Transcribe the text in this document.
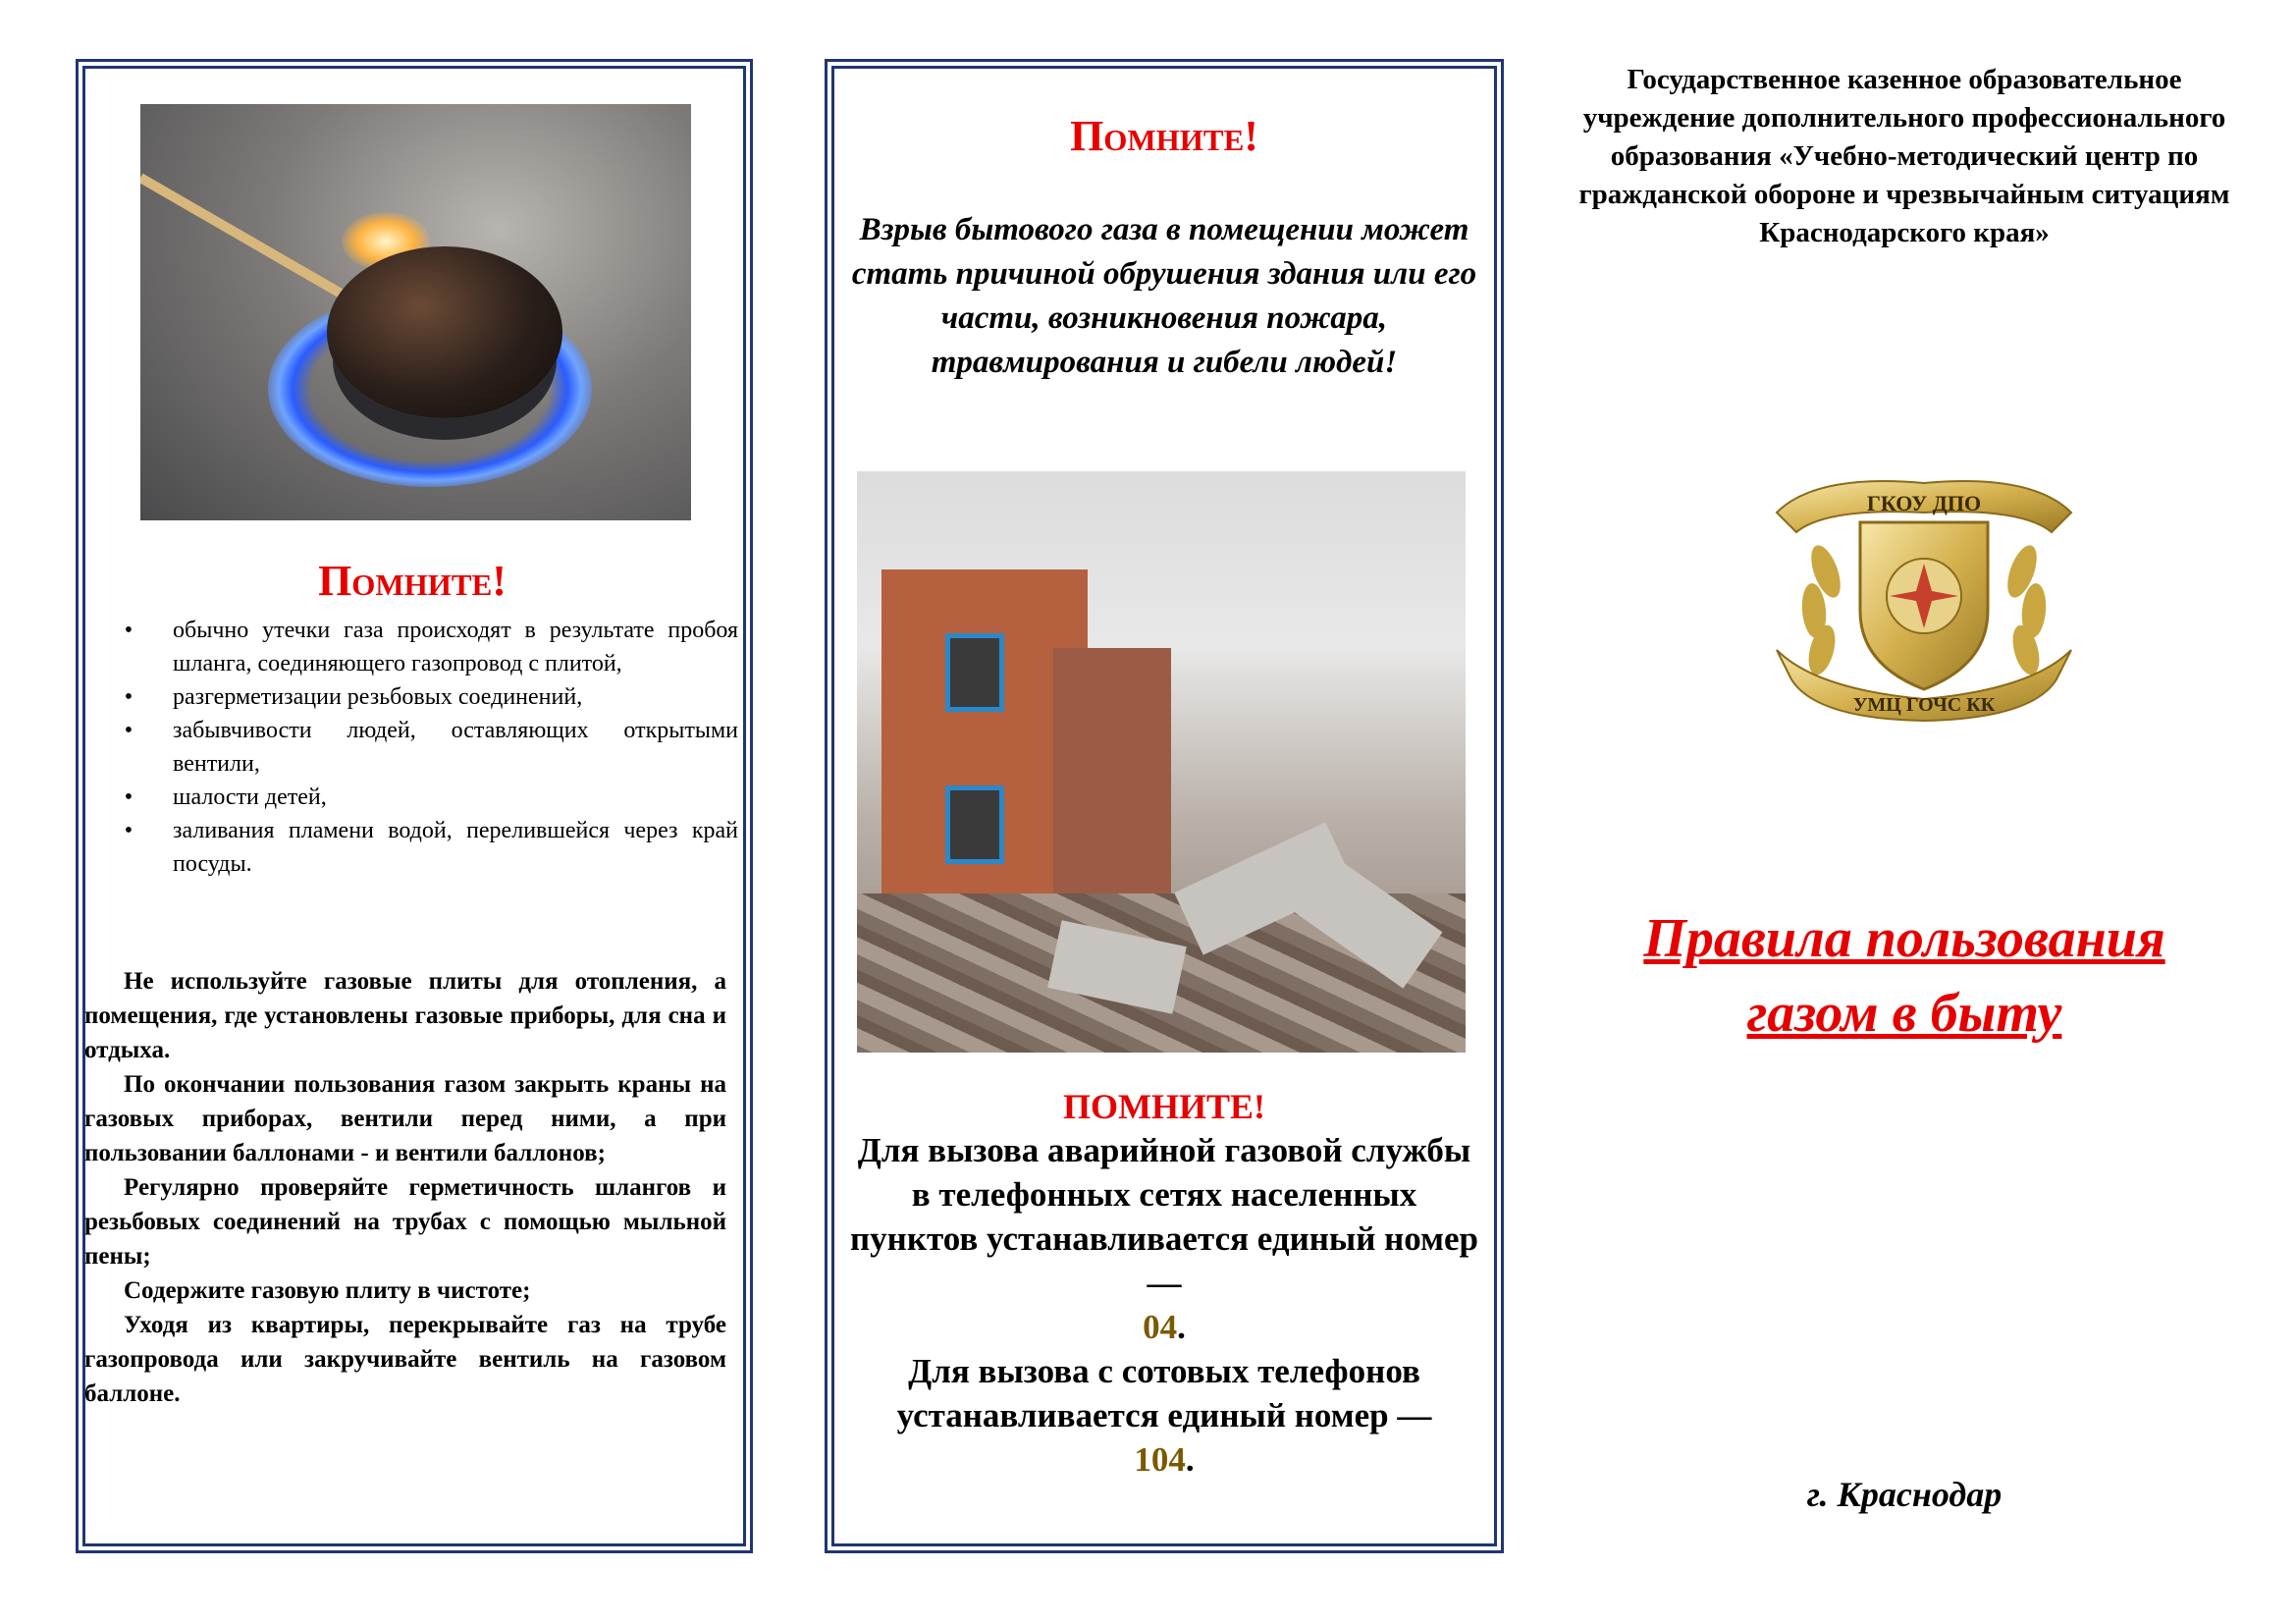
Помните!
•	обычно утечки газа происходят в результате пробоя шланга, соединяющего газопровод с плитой,
•	разгерметизации резьбовых соединений,
•	забывчивости людей, оставляющих открытыми вентили,
•	шалости детей,
•	заливания пламени водой, перелившейся через край посуды.

Не используйте газовые плиты для отопления, а помещения, где установлены газовые приборы, для сна и отдыха.

По окончании пользования газом закрыть краны на газовых приборах, вентили перед ними, а при пользовании баллонами - и вентили баллонов;

Регулярно проверяйте герметичность шлангов и резьбовых соединений на трубах с помощью мыльной пены;

Содержите газовую плиту в чистоте;

Уходя из квартиры, перекрывайте газ на трубе газопровода или закручивайте вентиль на газовом баллоне.

Помните!
Взрыв бытового газа в помещении может стать причиной обрушения здания или его части, возникновения пожара, травмирования и гибели людей!
ПОМНИТЕ!
Для вызова аварийной газовой службы в телефонных сетях населенных пунктов устанавливается единый номер —
04.
Для вызова с сотовых телефонов устанавливается единый номер —
104.
Государственное казенное образовательное учреждение дополнительного профессионального образования «Учебно-методический центр по гражданской обороне и чрезвычайным ситуациям Краснодарского края»
ГКОУ ДПО
УМЦ ГОЧС КК
Правила пользования
газом в быту
г. Краснодар
